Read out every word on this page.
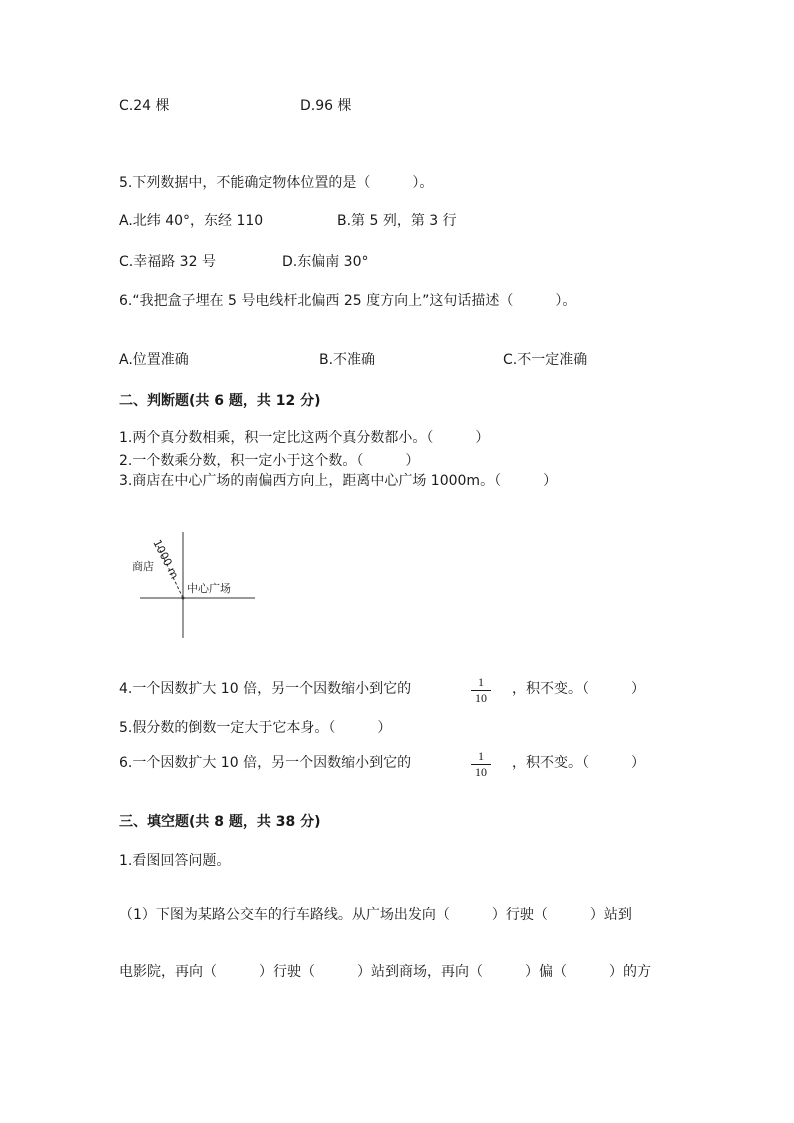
C.24 棵	D.96 棵
5.下列数据中，不能确定物体位置的是（　　　）。
A.北纬 40°，东经 110	B.第 5 列，第 3 行
C.幸福路 32 号	D.东偏南 30°
6.“我把盒子埋在 5 号电线杆北偏西 25 度方向上”这句话描述（　　　）。
A.位置准确	B.不准确	C.不一定准确
二、判断题(共 6 题，共 12 分)
1.两个真分数相乘，积一定比这两个真分数都小。（　　　）
2.一个数乘分数，积一定小于这个数。（　　　）
3.商店在中心广场的南偏西方向上，距离中心广场 1000m。（　　　）
1000 m
商店
中心广场
4.一个因数扩大 10 倍，另一个因数缩小到它的	1
10
，积不变。（　　　）
5.假分数的倒数一定大于它本身。（　　　）
6.一个因数扩大 10 倍，另一个因数缩小到它的	1
10
，积不变。（　　　）
三、填空题(共 8 题，共 38 分)
1.看图回答问题。
（1）下图为某路公交车的行车路线。从广场出发向（　　　）行驶（　　　）站到
电影院，再向（　　　）行驶（　　　）站到商场，再向（　　　）偏（　　　）的方
